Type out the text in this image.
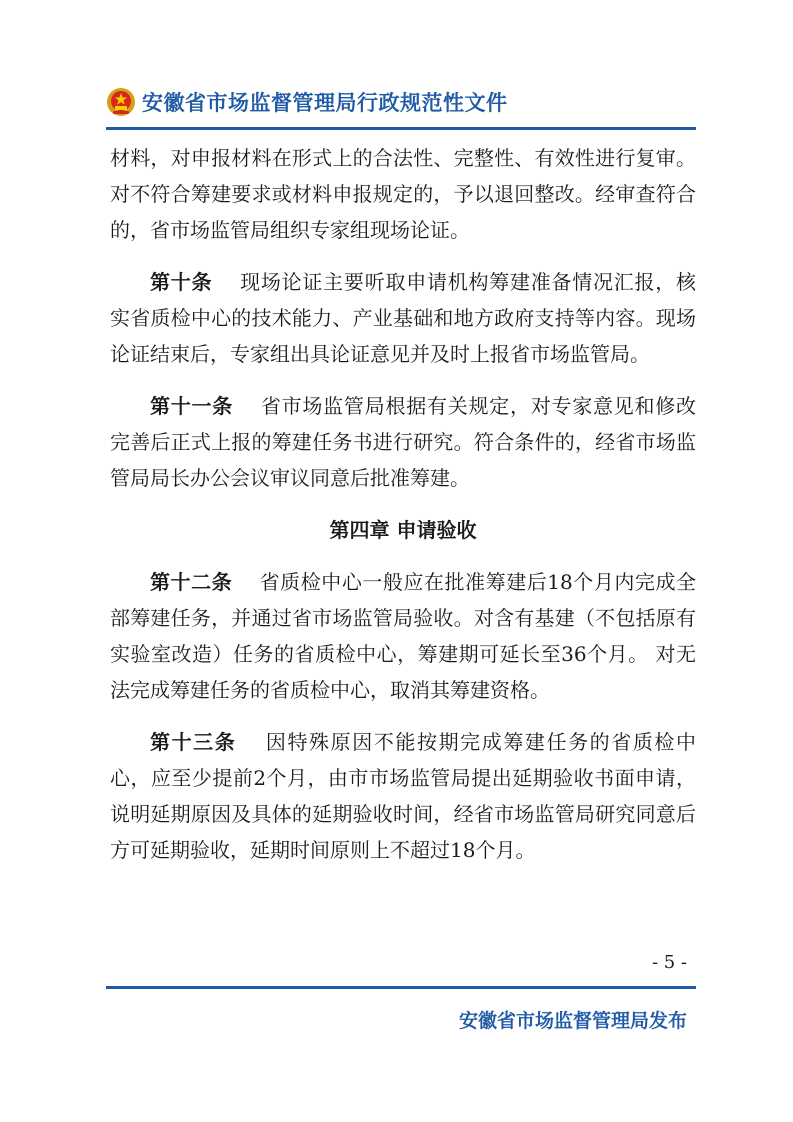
安徽省市场监督管理局行政规范性文件

材料，对申报材料在形式上的合法性、完整性、有效性进行复审。对不符合筹建要求或材料申报规定的，予以退回整改。经审查符合的，省市场监管局组织专家组现场论证。

第十条　 现场论证主要听取申请机构筹建准备情况汇报，核实省质检中心的技术能力、产业基础和地方政府支持等内容。现场论证结束后，专家组出具论证意见并及时上报省市场监管局。

第十一条　 省市场监管局根据有关规定，对专家意见和修改完善后正式上报的筹建任务书进行研究。符合条件的，经省市场监管局局长办公会议审议同意后批准筹建。

第四章 申请验收

第十二条　 省质检中心一般应在批准筹建后18个月内完成全部筹建任务，并通过省市场监管局验收。对含有基建（不包括原有实验室改造）任务的省质检中心，筹建期可延长至36个月。 对无法完成筹建任务的省质检中心，取消其筹建资格。

第十三条　 因特殊原因不能按期完成筹建任务的省质检中心，应至少提前2个月，由市市场监管局提出延期验收书面申请，说明延期原因及具体的延期验收时间，经省市场监管局研究同意后方可延期验收，延期时间原则上不超过18个月。

- 5 -
安徽省市场监督管理局发布
